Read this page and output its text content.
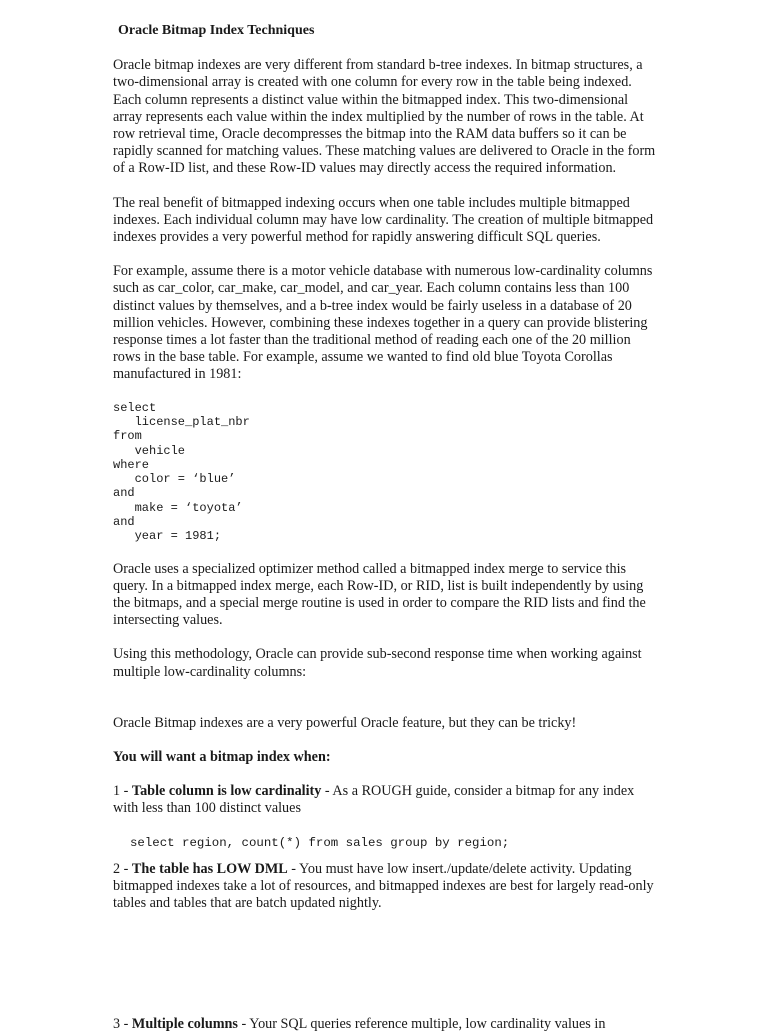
Oracle Bitmap Index Techniques

Oracle bitmap indexes are very different from standard b-tree indexes. In bitmap structures, a two-dimensional array is created with one column for every row in the table being indexed. Each column represents a distinct value within the bitmapped index. This two-dimensional array represents each value within the index multiplied by the number of rows in the table. At row retrieval time, Oracle decompresses the bitmap into the RAM data buffers so it can be rapidly scanned for matching values. These matching values are delivered to Oracle in the form of a Row-ID list, and these Row-ID values may directly access the required information.

The real benefit of bitmapped indexing occurs when one table includes multiple bitmapped indexes. Each individual column may have low cardinality. The creation of multiple bitmapped indexes provides a very powerful method for rapidly answering difficult SQL queries.

For example, assume there is a motor vehicle database with numerous low-cardinality columns such as car_color, car_make, car_model, and car_year. Each column contains less than 100 distinct values by themselves, and a b-tree index would be fairly useless in a database of 20 million vehicles. However, combining these indexes together in a query can provide blistering response times a lot faster than the traditional method of reading each one of the 20 million rows in the base table. For example, assume we wanted to find old blue Toyota Corollas manufactured in 1981:

select
license_plat_nbr
from
vehicle
where
color = ‘blue’
and
make = ‘toyota’
and
year = 1981;

Oracle uses a specialized optimizer method called a bitmapped index merge to service this query. In a bitmapped index merge, each Row-ID, or RID, list is built independently by using the bitmaps, and a special merge routine is used in order to compare the RID lists and find the intersecting values.

Using this methodology, Oracle can provide sub-second response time when working against multiple low-cardinality columns:

Oracle Bitmap indexes are a very powerful Oracle feature, but they can be tricky!

You will want a bitmap index when:

1 - Table column is low cardinality - As a ROUGH guide, consider a bitmap for any index with less than 100 distinct values

select region, count(*) from sales group by region;

2 - The table has LOW DML - You must have low insert./update/delete activity. Updating bitmapped indexes take a lot of resources, and bitmapped indexes are best for largely read-only tables and tables that are batch updated nightly.

3 - Multiple columns - Your SQL queries reference multiple, low cardinality values in
